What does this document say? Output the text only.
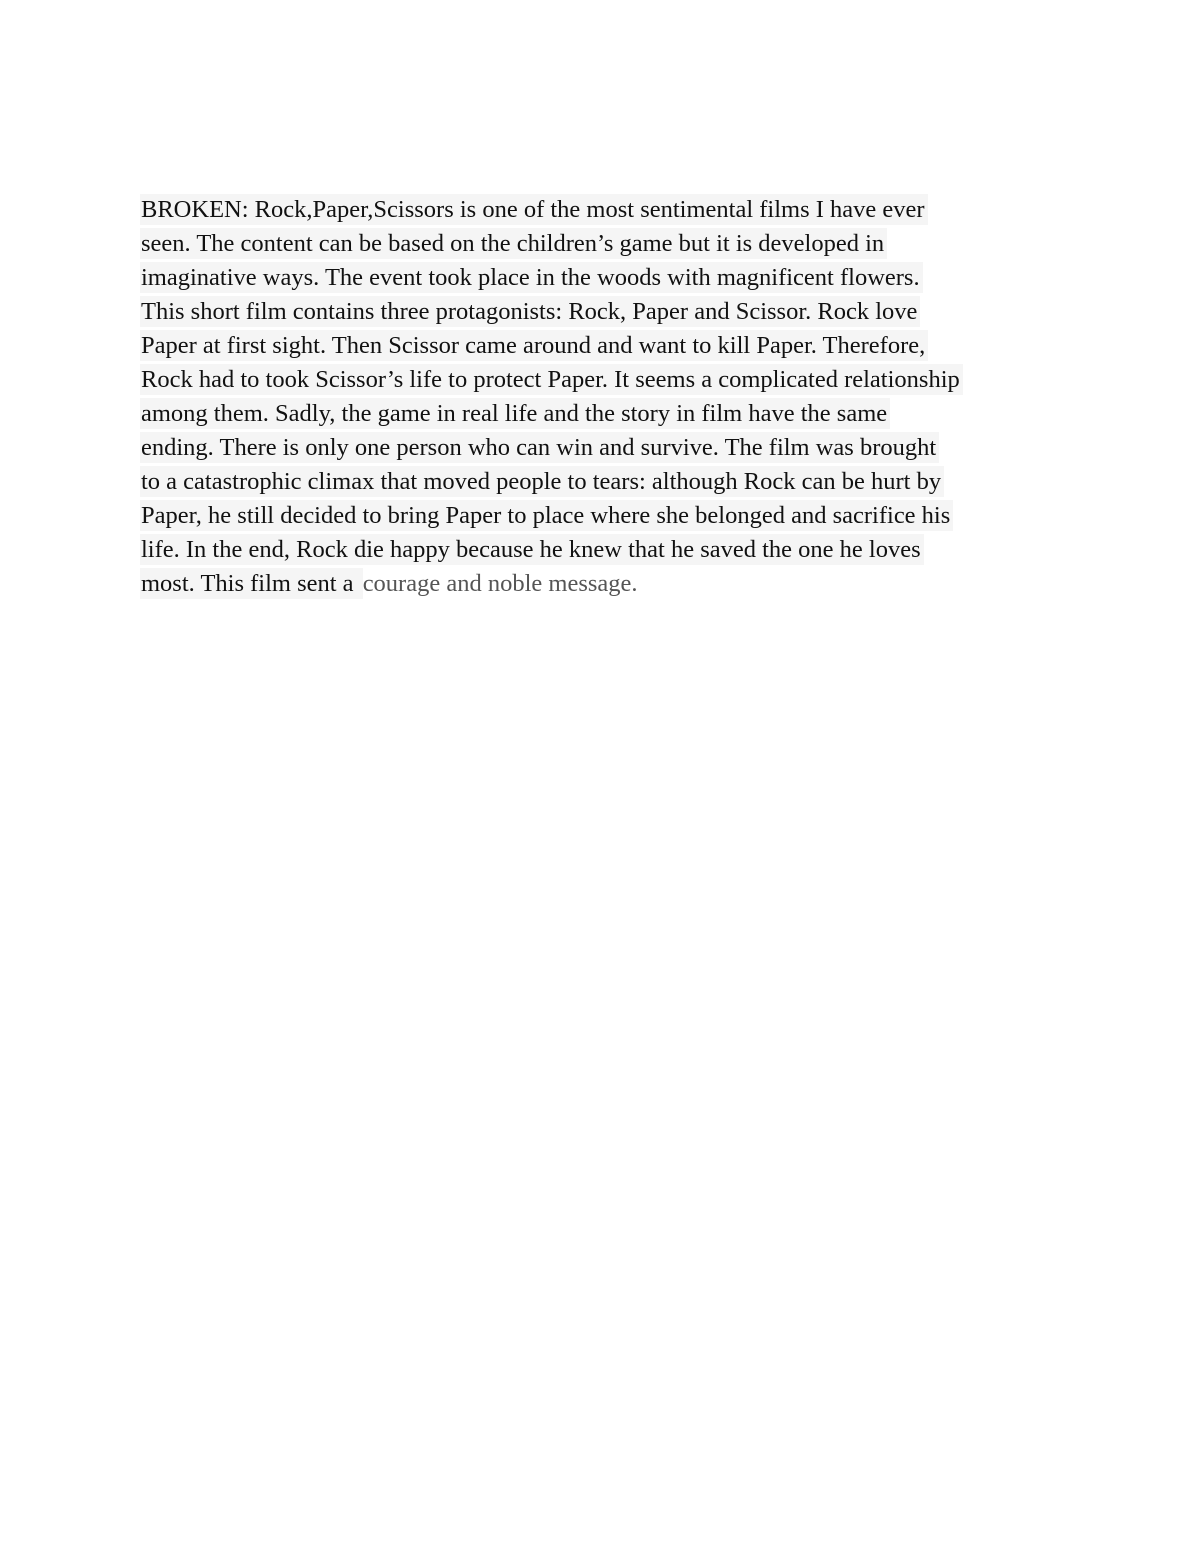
BROKEN: Rock,Paper,Scissors is one of the most sentimental films I have ever
seen. The content can be based on the children’s game but it is developed in
imaginative ways. The event took place in the woods with magnificent flowers.
This short film contains three protagonists: Rock, Paper and Scissor. Rock love
Paper at first sight. Then Scissor came around and want to kill Paper. Therefore,
Rock had to took Scissor’s life to protect Paper. It seems a complicated relationship
among them. Sadly, the game in real life and the story in film have the same
ending. There is only one person who can win and survive. The film was brought
to a catastrophic climax that moved people to tears: although Rock can be hurt by
Paper, he still decided to bring Paper to place where she belonged and sacrifice his
life. In the end, Rock die happy because he knew that he saved the one he loves
most. This film sent a courage and noble message.
